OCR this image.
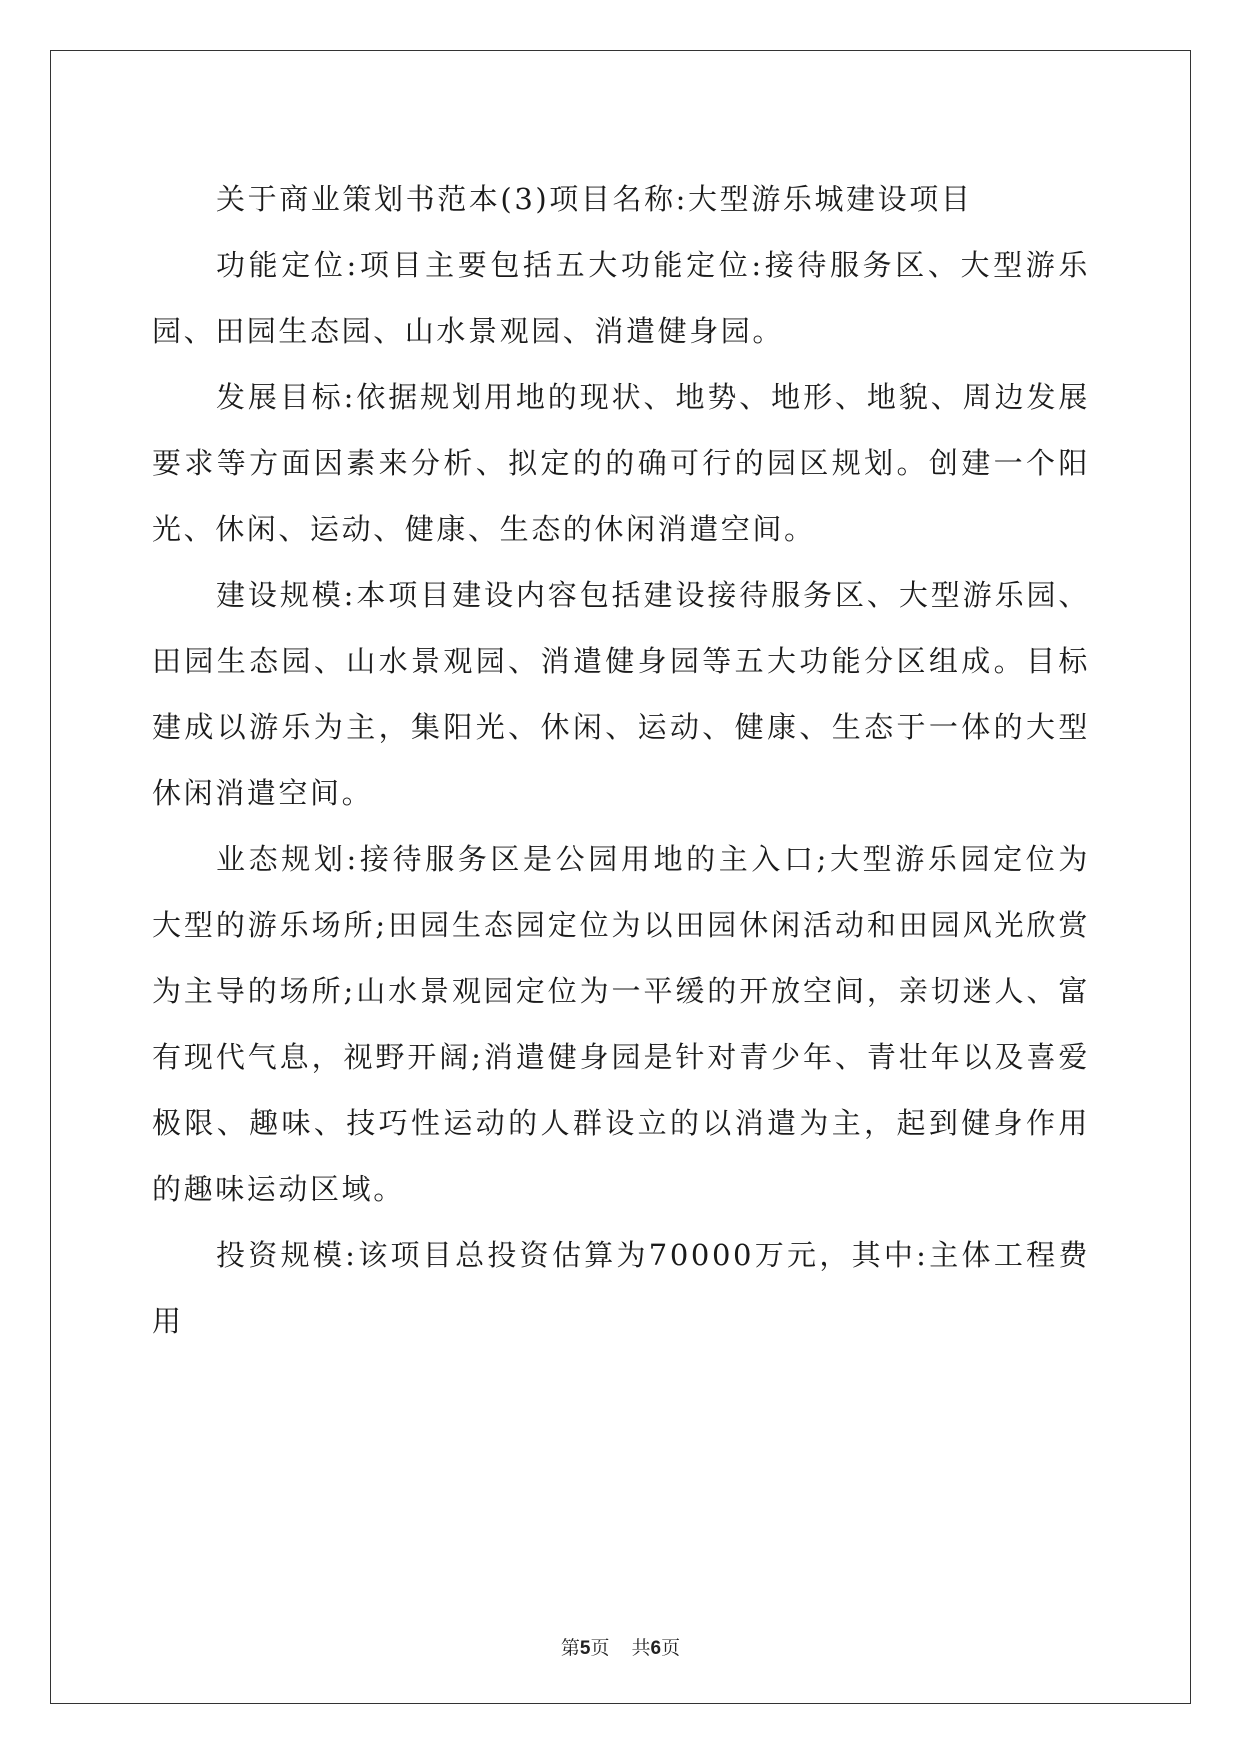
关于商业策划书范本(3)项目名称:大型游乐城建设项目

功能定位:项目主要包括五大功能定位:接待服务区、大型游乐园、田园生态园、山水景观园、消遣健身园。

发展目标:依据规划用地的现状、地势、地形、地貌、周边发展要求等方面因素来分析、拟定的的确可行的园区规划。创建一个阳光、休闲、运动、健康、生态的休闲消遣空间。

建设规模:本项目建设内容包括建设接待服务区、大型游乐园、田园生态园、山水景观园、消遣健身园等五大功能分区组成。目标建成以游乐为主，集阳光、休闲、运动、健康、生态于一体的大型休闲消遣空间。

业态规划:接待服务区是公园用地的主入口;大型游乐园定位为大型的游乐场所;田园生态园定位为以田园休闲活动和田园风光欣赏为主导的场所;山水景观园定位为一平缓的开放空间，亲切迷人、富有现代气息，视野开阔;消遣健身园是针对青少年、青壮年以及喜爱极限、趣味、技巧性运动的人群设立的以消遣为主，起到健身作用的趣味运动区域。

投资规模:该项目总投资估算为70000万元，其中:主体工程费用

第5页 共6页
